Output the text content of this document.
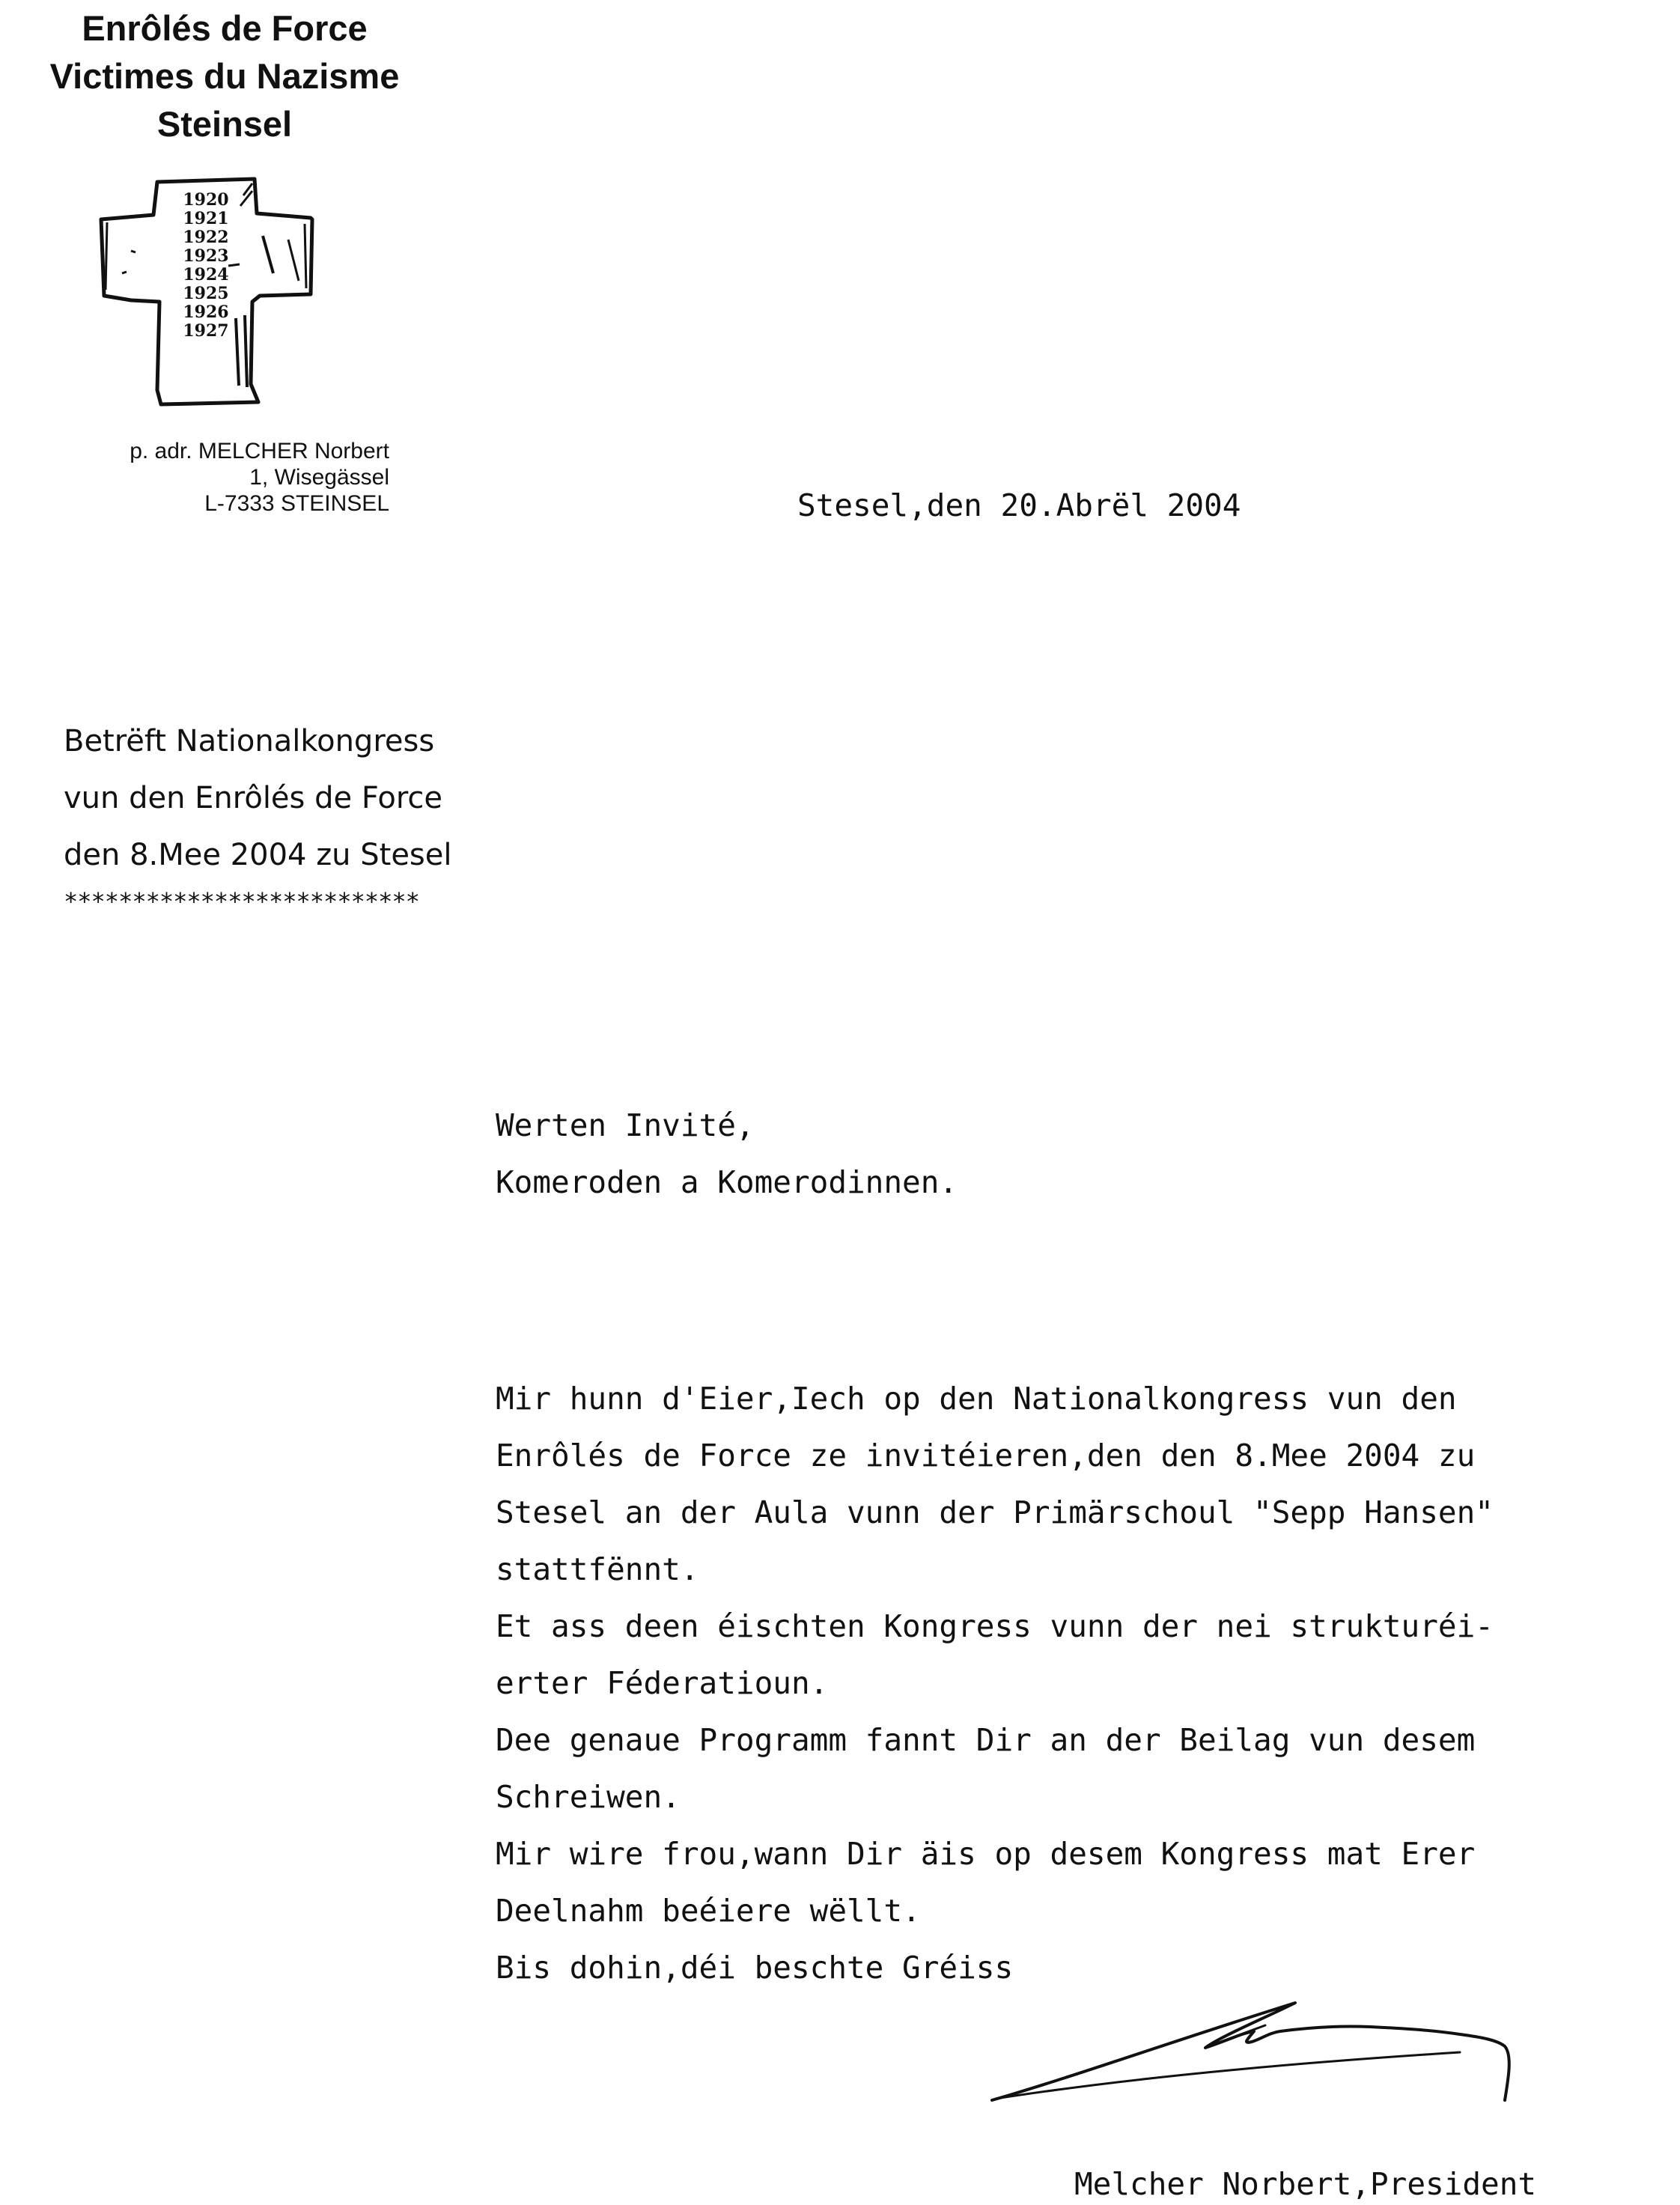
Enrôlés de Force
Victimes du Nazisme
Steinsel
1920
1921
1922
1923
1924
1925
1926
1927
p. adr. MELCHER Norbert
1, Wisegässel
L-7333 STEINSEL	Stesel,den 20.Abrël 2004
Betrëft Nationalkongress
vun den Enrôlés de Force
den 8.Mee 2004 zu Stesel
**************************
Werten Invité,
Komeroden a Komerodinnen.
Mir hunn d'Eier,Iech op den Nationalkongress vun den
Enrôlés de Force ze invitéieren,den den 8.Mee 2004 zu
Stesel an der Aula vunn der Primärschoul "Sepp Hansen"
stattfënnt.
Et ass deen éischten Kongress vunn der nei strukturéi-
erter Féderatioun.
Dee genaue Programm fannt Dir an der Beilag vun desem
Schreiwen.
Mir wire frou,wann Dir äis op desem Kongress mat Erer
Deelnahm beéiere wëllt.
Bis dohin,déi beschte Gréiss
Melcher Norbert,President
